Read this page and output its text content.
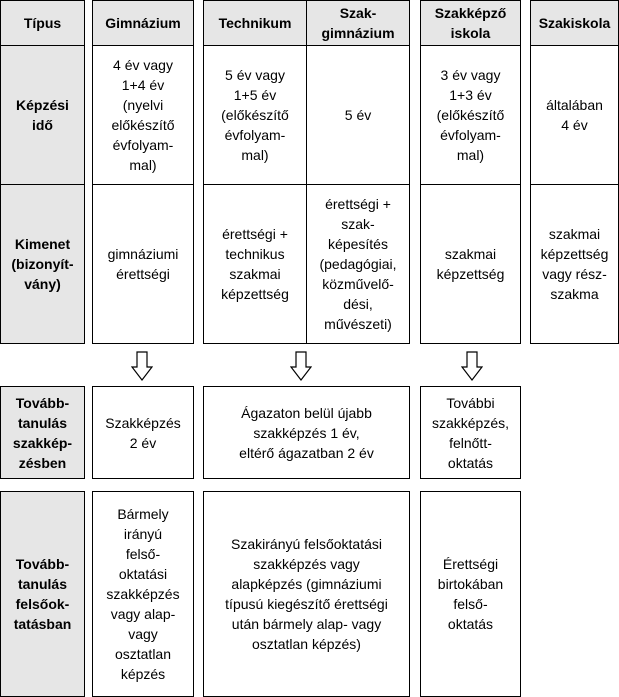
Típus	Gimnázium	Technikum
Szak-
gimnázium
Szakképző
iskola
Szakiskola
Képzési
idő
4 év vagy
1+4 év
(nyelvi
előkészítő
évfolyam-
mal)
5 év vagy
1+5 év
(előkészítő
évfolyam-
mal)
5 év
3 év vagy
1+3 év
(előkészítő
évfolyam-
mal)
általában
4 év
Kimenet
(bizonyít-
vány)
gimnáziumi
érettségi
érettségi +
technikus
szakmai
képzettség
érettségi +
szak-
képesítés
(pedagógiai,
közművelő-
dési,
művészeti)
szakmai
képzettség
szakmai
képzettség
vagy rész-
szakma
Tovább-
tanulás
szakkép-
zésben
Szakképzés
2 év
Ágazaton belül újabb
szakképzés 1 év,
eltérő ágazatban 2 év
További
szakképzés,
felnőtt-
oktatás
Tovább-
tanulás
felsőok-
tatásban
Bármely
irányú
felső-
oktatási
szakképzés
vagy alap-
vagy
osztatlan
képzés
Szakirányú felsőoktatási
szakképzés vagy
alapképzés (gimnáziumi
típusú kiegészítő érettségi
után bármely alap- vagy
osztatlan képzés)
Érettségi
birtokában
felső-
oktatás
